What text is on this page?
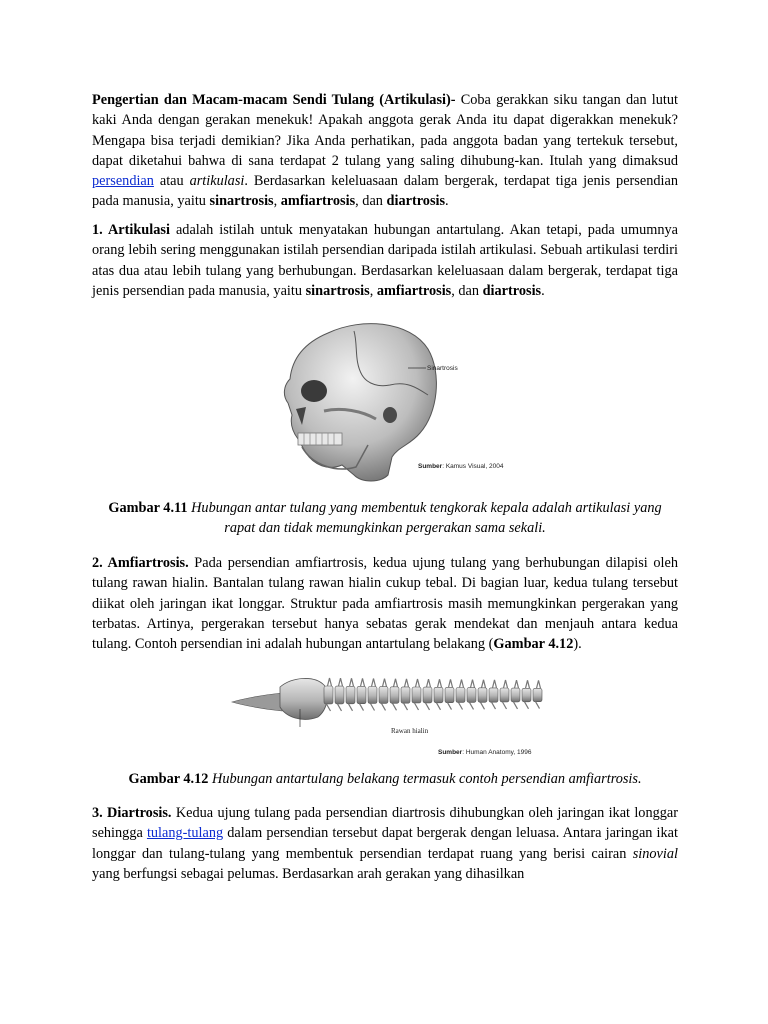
Pengertian dan Macam-macam Sendi Tulang (Artikulasi)- Coba gerakkan siku tangan dan lutut kaki Anda dengan gerakan menekuk! Apakah anggota gerak Anda itu dapat digerakkan menekuk? Mengapa bisa terjadi demikian? Jika Anda perhatikan, pada anggota badan yang tertekuk tersebut, dapat diketahui bahwa di sana terdapat 2 tulang yang saling dihubung-kan. Itulah yang dimaksud persendian atau artikulasi. Berdasarkan keleluasaan dalam bergerak, terdapat tiga jenis persendian pada manusia, yaitu sinartrosis, amfiartrosis, dan diartrosis.

1. Artikulasi adalah istilah untuk menyatakan hubungan antartulang. Akan tetapi, pada umumnya orang lebih sering menggunakan istilah persendian daripada istilah artikulasi. Sebuah artikulasi terdiri atas dua atau lebih tulang yang berhubungan. Berdasarkan keleluasaan dalam bergerak, terdapat tiga jenis persendian pada manusia, yaitu sinartrosis, amfiartrosis, dan diartrosis.

Sinartrosis
Sumber: Kamus Visual, 2004

Gambar 4.11 Hubungan antar tulang yang membentuk tengkorak kepala adalah artikulasi yang rapat dan tidak memungkinkan pergerakan sama sekali.

2. Amfiartrosis. Pada persendian amfiartrosis, kedua ujung tulang yang berhubungan dilapisi oleh tulang rawan hialin. Bantalan tulang rawan hialin cukup tebal. Di bagian luar, kedua tulang tersebut diikat oleh jaringan ikat longgar. Struktur pada amfiartrosis masih memungkinkan pergerakan yang terbatas. Artinya, pergerakan tersebut hanya sebatas gerak mendekat dan menjauh antara kedua tulang. Contoh persendian ini adalah hubungan antartulang belakang (Gambar 4.12).

Rawan hialin
Sumber: Human Anatomy, 1996

Gambar 4.12 Hubungan antartulang belakang termasuk contoh persendian amfiartrosis.

3. Diartrosis. Kedua ujung tulang pada persendian diartrosis dihubungkan oleh jaringan ikat longgar sehingga tulang-tulang dalam persendian tersebut dapat bergerak dengan leluasa. Antara jaringan ikat longgar dan tulang-tulang yang membentuk persendian terdapat ruang yang berisi cairan sinovial yang berfungsi sebagai pelumas. Berdasarkan arah gerakan yang dihasilkan
